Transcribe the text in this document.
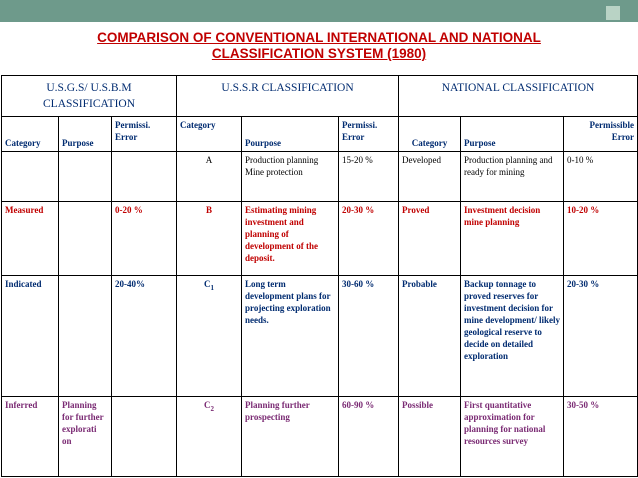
COMPARISON OF CONVENTIONAL INTERNATIONAL AND NATIONAL
CLASSIFICATION SYSTEM (1980)
U.S.G.S/ U.S.B.M CLASSIFICATION			U.S.S.R CLASSIFICATION			NATIONAL CLASSIFICATION		
Category	Purpose	Permissi. Error	Category	Pourpose	Permissi. Error	Category	Purpose	Permissible Error
			A	Production planning Mine protection	15-20 %	Developed	Production planning and ready for mining	0-10 %
Measured		0-20 %	B	Estimating mining investment and planning of development of the deposit.	20-30 %	Proved	Investment decision mine planning	10-20 %
Indicated		20-40%	$C_1$	Long term development plans for projecting exploration needs.	30-60 %	Probable	Backup tonnage to proved reserves for investment decision for mine development/ likely geological reserve to decide on detailed exploration	20-30 %
Inferred	Planning for further explorati on		$C_2$	Planning further prospecting	60-90 %	Possible	First quantitative approximation for planning for national resources survey	30-50 %
